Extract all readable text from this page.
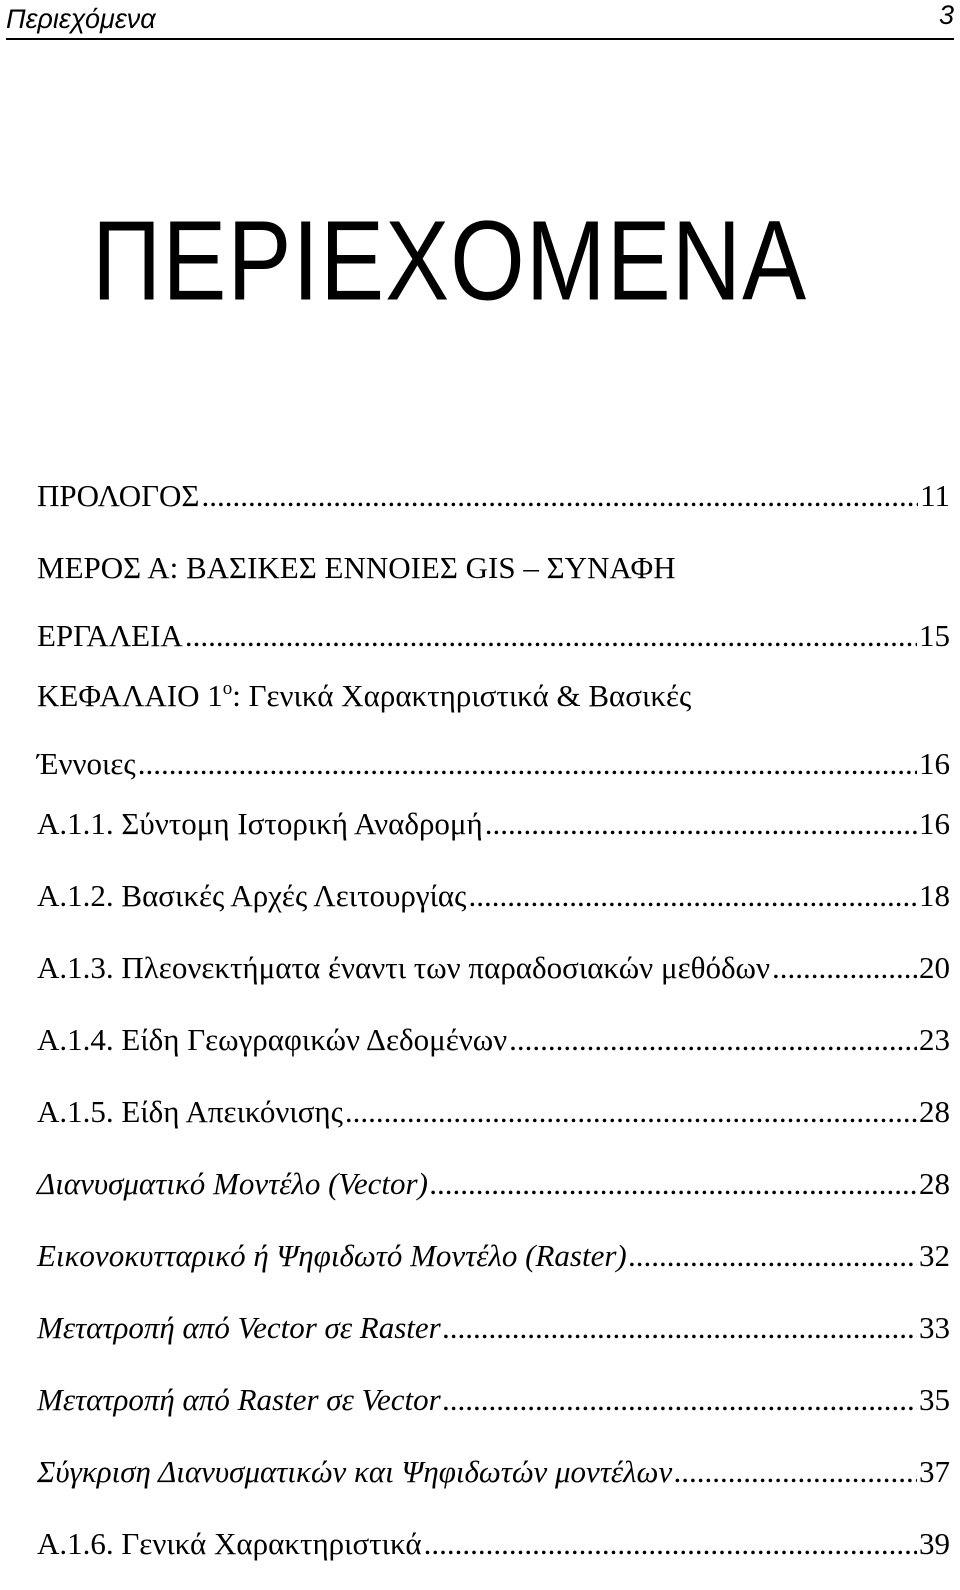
Περιεχόμενα	3
ΠΕΡΙΕΧΟΜΕΝΑ
ΠΡΟΛΟΓΟΣ .....	11
ΜΕΡΟΣ Α: ΒΑΣΙΚΕΣ ΕΝΝΟΙΕΣ GIS – ΣΥΝΑΦΗ
ΕΡΓΑΛΕΙΑ .....	15
ΚΕΦΑΛΑΙΟ $1^o$: Γενικά Χαρακτηριστικά & Βασικές
Έννοιες .....	16
A.1.1. Σύντομη Ιστορική Αναδρομή .....	16
A.1.2. Βασικές Αρχές Λειτουργίας .....	18
A.1.3. Πλεονεκτήματα έναντι των παραδοσιακών μεθόδων .....	20
A.1.4. Είδη Γεωγραφικών Δεδομένων .....	23
A.1.5. Είδη Απεικόνισης .....	28
Διανυσματικό Μοντέλο (Vector) .....	28
Εικονοκυτταρικό ή Ψηφιδωτό Μοντέλο (Raster) .....	32
Μετατροπή από Vector σε Raster .....	33
Μετατροπή από Raster σε Vector .....	35
Σύγκριση Διανυσματικών και Ψηφιδωτών μοντέλων .....	37
A.1.6. Γενικά Χαρακτηριστικά .....	39
